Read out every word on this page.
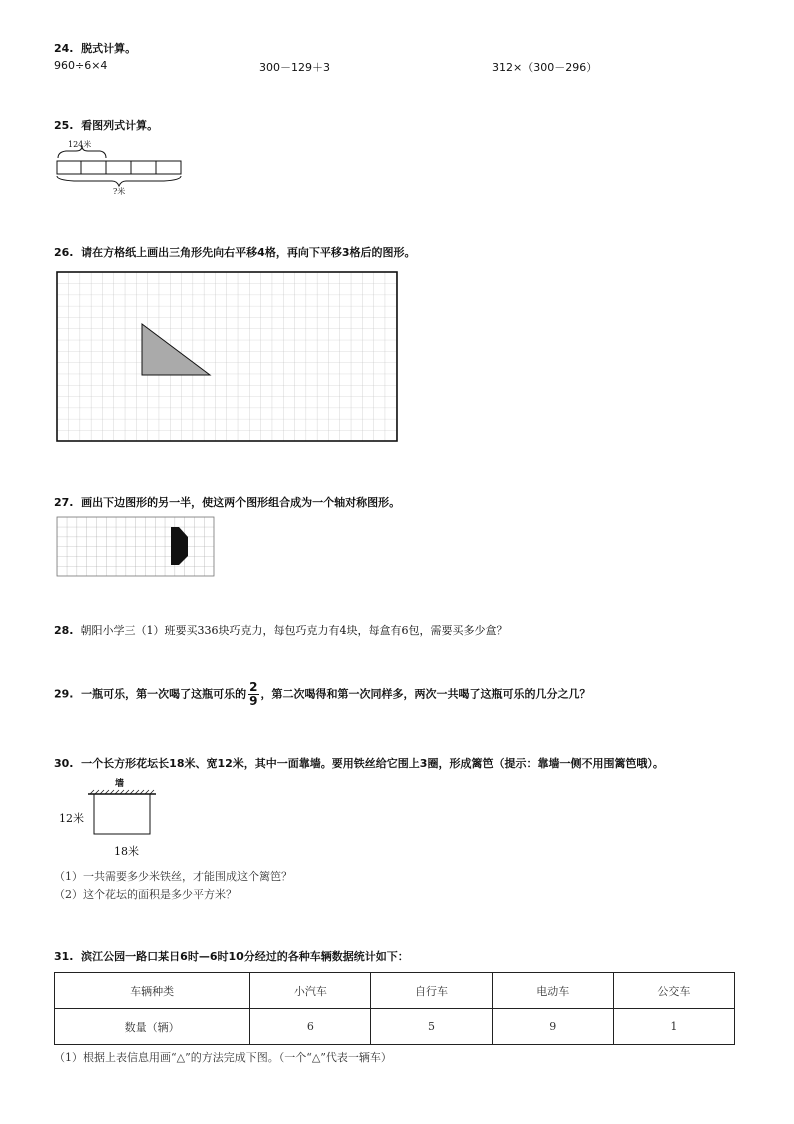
24. 脱式计算。
960÷6×4	300－129＋3	312×（300－296）
25. 看图列式计算。
124米
?米
26. 请在方格纸上画出三角形先向右平移4格，再向下平移3格后的图形。
27. 画出下边图形的另一半，使这两个图形组合成为一个轴对称图形。
28. 朝阳小学三（1）班要买336块巧克力，每包巧克力有4块，每盒有6包，需要买多少盒？
29. 一瓶可乐，第一次喝了这瓶可乐的 $\frac{2}{9}$ ，第二次喝得和第一次同样多，两次一共喝了这瓶可乐的几分之几？
30. 一个长方形花坛长18米、宽12米，其中一面靠墙。要用铁丝给它围上3圈，形成篱笆（提示：靠墙一侧不用围篱笆哦）。
墙
12米
18米
（1）一共需要多少米铁丝，才能围成这个篱笆？
（2）这个花坛的面积是多少平方米？
31. 滨江公园一路口某日6时—6时10分经过的各种车辆数据统计如下：
车辆种类	小汽车	自行车	电动车	公交车
数量（辆）	6	5	9	1
（1）根据上表信息用画“△”的方法完成下图。（一个“△”代表一辆车）
